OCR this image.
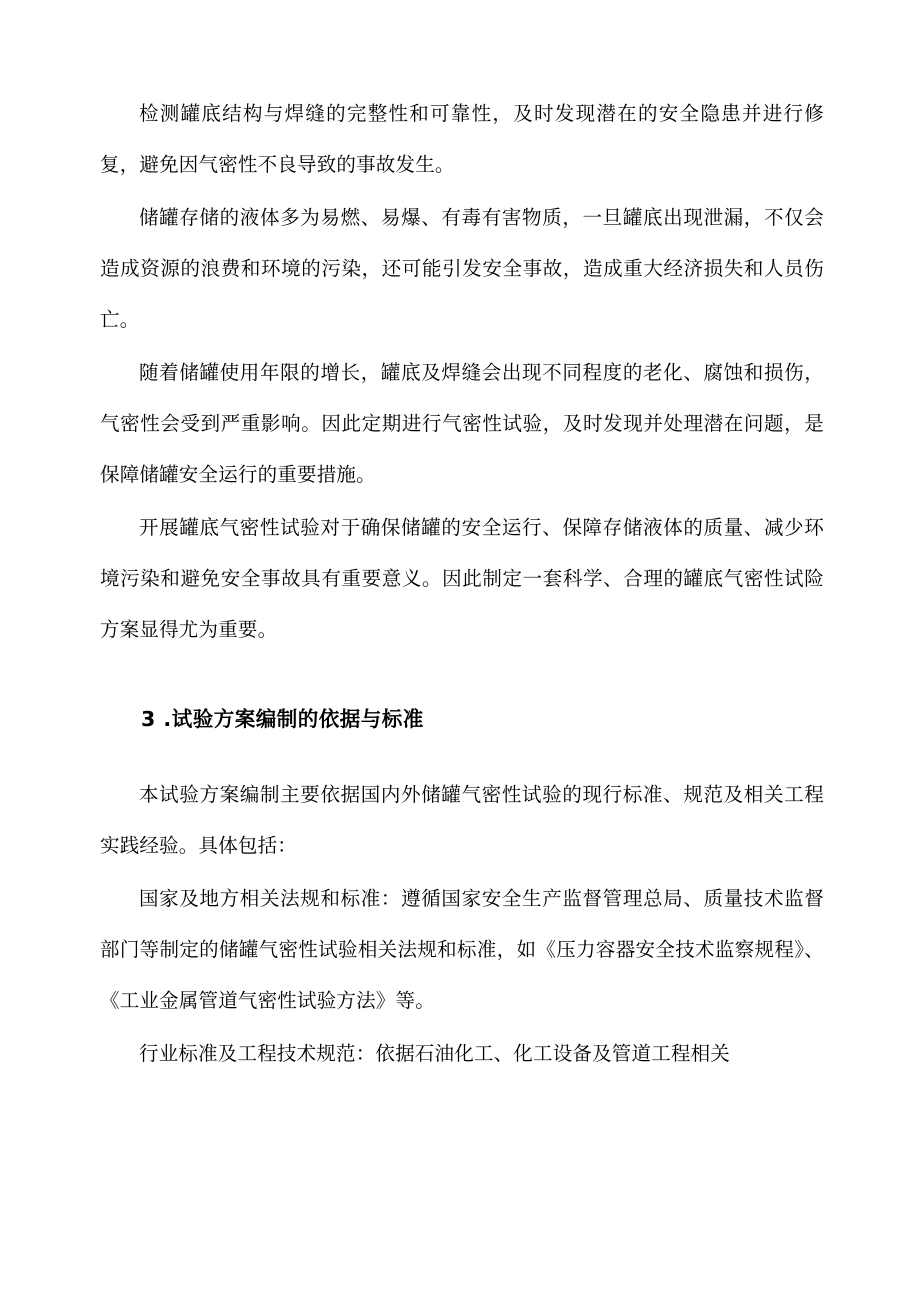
检测罐底结构与焊缝的完整性和可靠性，及时发现潜在的安全隐患并进行修复，避免因气密性不良导致的事故发生。

储罐存储的液体多为易燃、易爆、有毒有害物质，一旦罐底出现泄漏，不仅会造成资源的浪费和环境的污染，还可能引发安全事故，造成重大经济损失和人员伤亡。

随着储罐使用年限的增长，罐底及焊缝会出现不同程度的老化、腐蚀和损伤，气密性会受到严重影响。因此定期进行气密性试验，及时发现并处理潜在问题，是保障储罐安全运行的重要措施。

开展罐底气密性试验对于确保储罐的安全运行、保障存储液体的质量、减少环境污染和避免安全事故具有重要意义。因此制定一套科学、合理的罐底气密性试险方案显得尤为重要。

3 .试验方案编制的依据与标准

本试验方案编制主要依据国内外储罐气密性试验的现行标准、规范及相关工程实践经验。具体包括：

国家及地方相关法规和标准：遵循国家安全生产监督管理总局、质量技术监督部门等制定的储罐气密性试验相关法规和标准，如《压力容器安全技术监察规程》、《工业金属管道气密性试验方法》等。

行业标准及工程技术规范：依据石油化工、化工设备及管道工程相关
